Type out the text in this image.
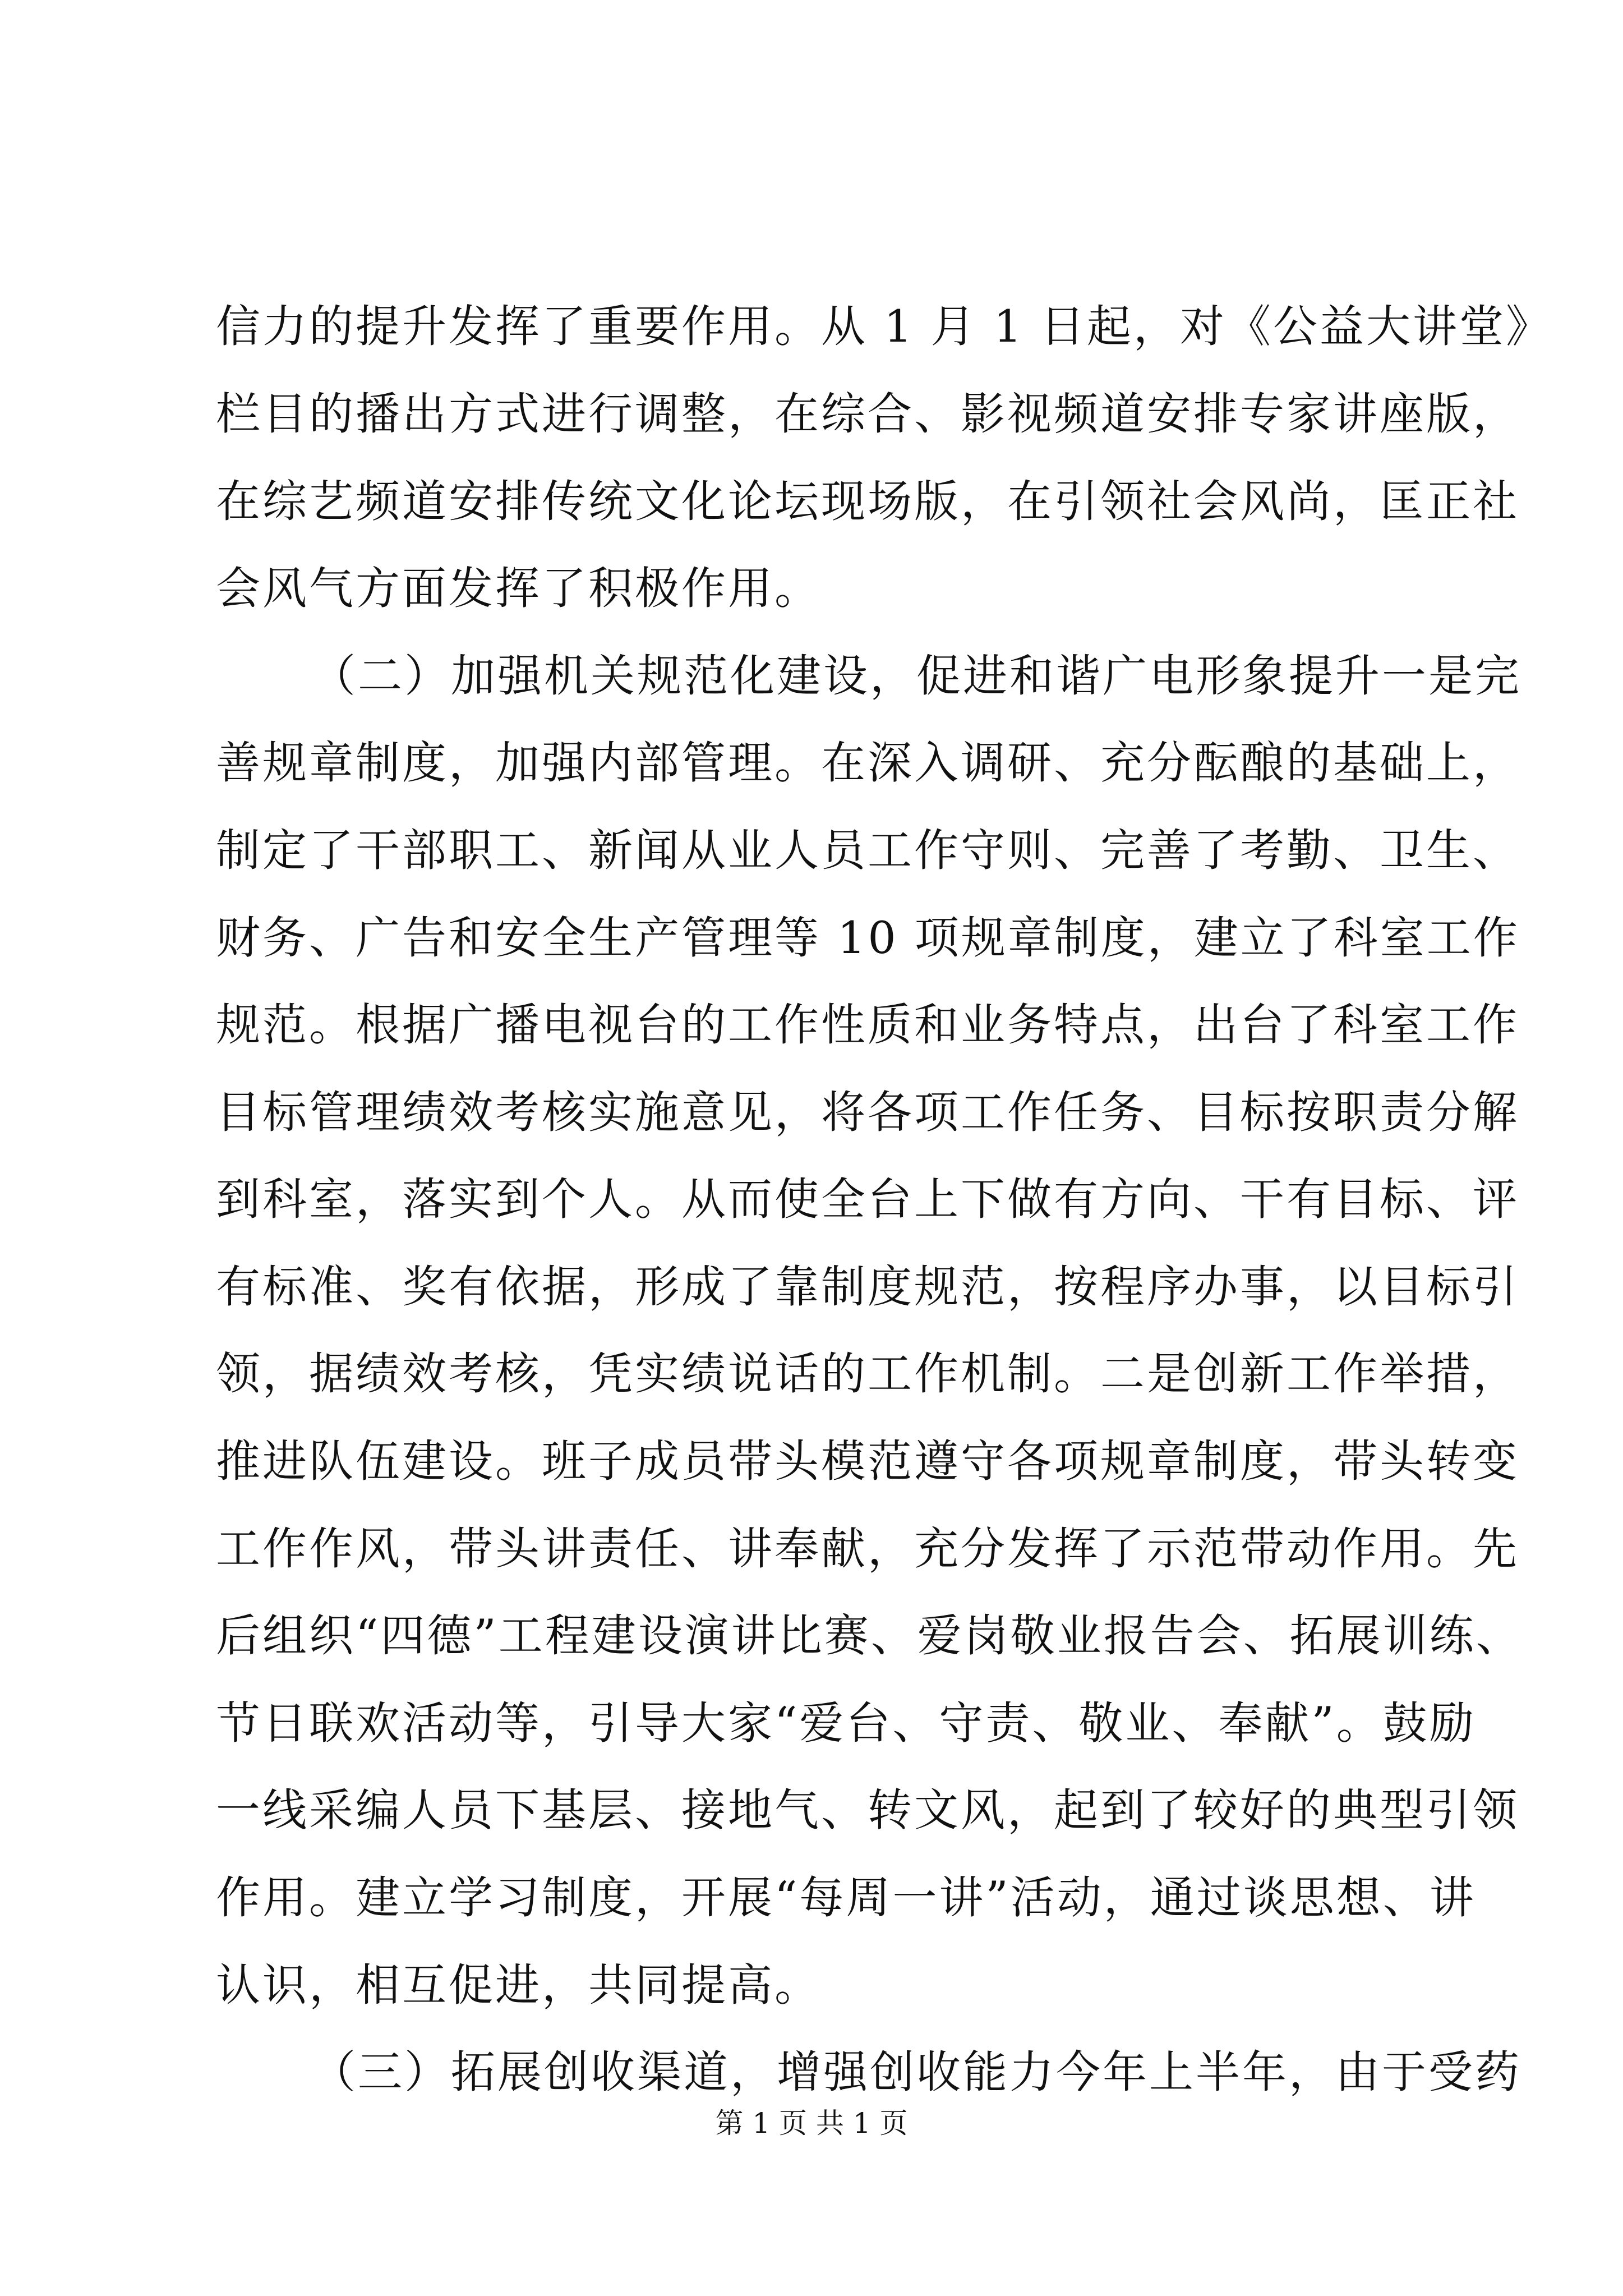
信力的提升发挥了重要作用。从 1 月 1 日起，对《公益大讲堂》

栏目的播出方式进行调整，在综合、影视频道安排专家讲座版，

在综艺频道安排传统文化论坛现场版，在引领社会风尚，匡正社

会风气方面发挥了积极作用。

（二）加强机关规范化建设，促进和谐广电形象提升一是完

善规章制度，加强内部管理。在深入调研、充分酝酿的基础上，

制定了干部职工、新闻从业人员工作守则、完善了考勤、卫生、

财务、广告和安全生产管理等 10 项规章制度，建立了科室工作

规范。根据广播电视台的工作性质和业务特点，出台了科室工作

目标管理绩效考核实施意见，将各项工作任务、目标按职责分解

到科室，落实到个人。从而使全台上下做有方向、干有目标、评

有标准、奖有依据，形成了靠制度规范，按程序办事，以目标引

领，据绩效考核，凭实绩说话的工作机制。二是创新工作举措，

推进队伍建设。班子成员带头模范遵守各项规章制度，带头转变

工作作风，带头讲责任、讲奉献，充分发挥了示范带动作用。先

后组织“四德”工程建设演讲比赛、爱岗敬业报告会、拓展训练、

节日联欢活动等，引导大家“爱台、守责、敬业、奉献”。鼓励

一线采编人员下基层、接地气、转文风，起到了较好的典型引领

作用。建立学习制度，开展“每周一讲”活动，通过谈思想、讲

认识，相互促进，共同提高。

（三）拓展创收渠道，增强创收能力今年上半年，由于受药

第 1 页 共 1 页
